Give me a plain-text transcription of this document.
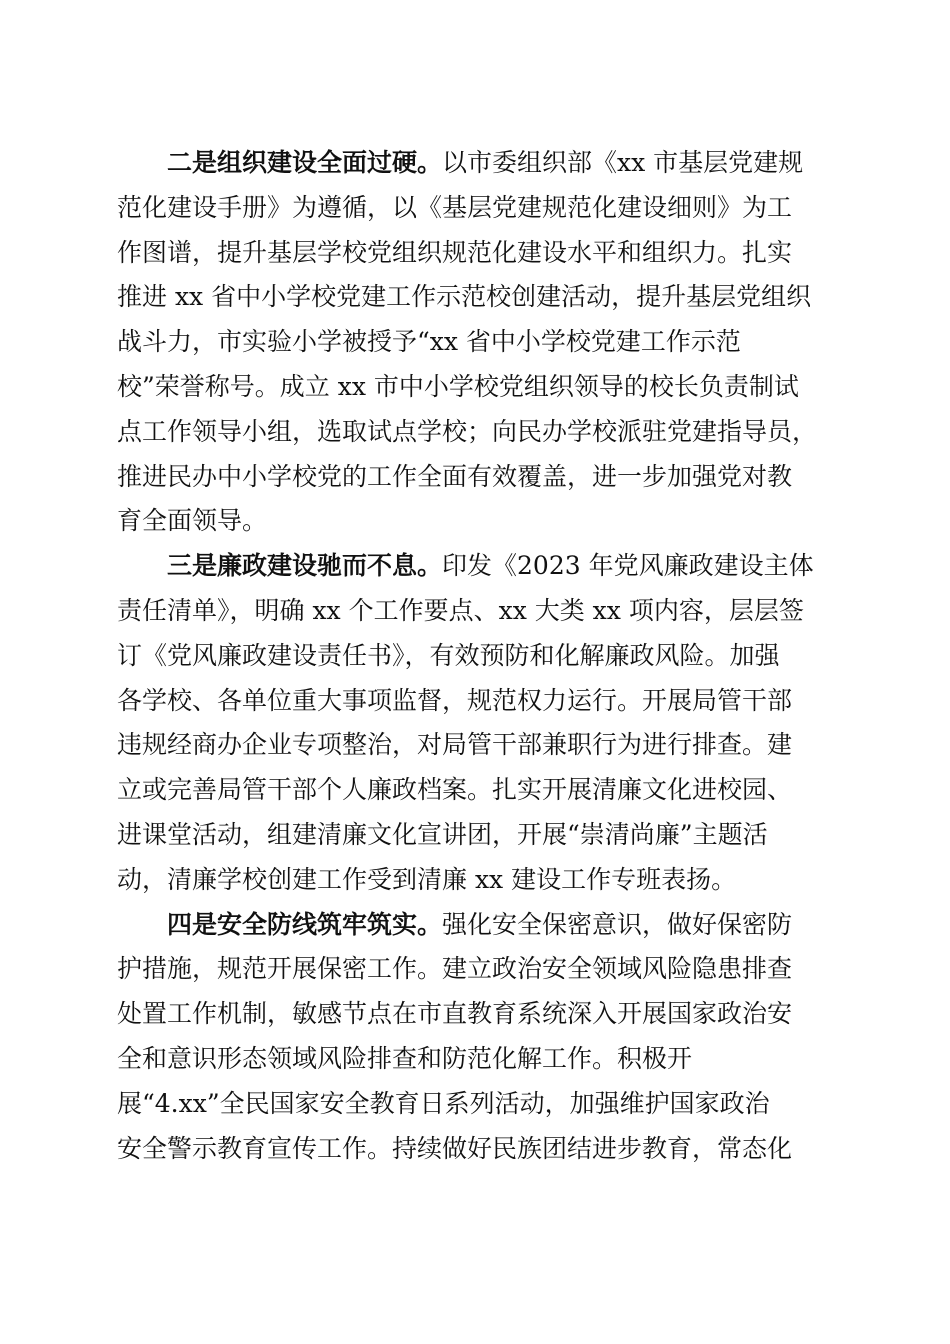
二是组织建设全面过硬。以市委组织部《xx 市基层党建规
范化建设手册》为遵循，以《基层党建规范化建设细则》为工
作图谱，提升基层学校党组织规范化建设水平和组织力。扎实
推进 xx 省中小学校党建工作示范校创建活动，提升基层党组织
战斗力，市实验小学被授予“xx 省中小学校党建工作示范
校”荣誉称号。成立 xx 市中小学校党组织领导的校长负责制试
点工作领导小组，选取试点学校；向民办学校派驻党建指导员，
推进民办中小学校党的工作全面有效覆盖，进一步加强党对教
育全面领导。
三是廉政建设驰而不息。印发《2023 年党风廉政建设主体
责任清单》，明确 xx 个工作要点、xx 大类 xx 项内容，层层签
订《党风廉政建设责任书》，有效预防和化解廉政风险。加强
各学校、各单位重大事项监督，规范权力运行。开展局管干部
违规经商办企业专项整治，对局管干部兼职行为进行排查。建
立或完善局管干部个人廉政档案。扎实开展清廉文化进校园、
进课堂活动，组建清廉文化宣讲团，开展“崇清尚廉”主题活
动，清廉学校创建工作受到清廉 xx 建设工作专班表扬。
四是安全防线筑牢筑实。强化安全保密意识，做好保密防
护措施，规范开展保密工作。建立政治安全领域风险隐患排查
处置工作机制，敏感节点在市直教育系统深入开展国家政治安
全和意识形态领域风险排查和防范化解工作。积极开
展“4.xx”全民国家安全教育日系列活动，加强维护国家政治
安全警示教育宣传工作。持续做好民族团结进步教育，常态化
